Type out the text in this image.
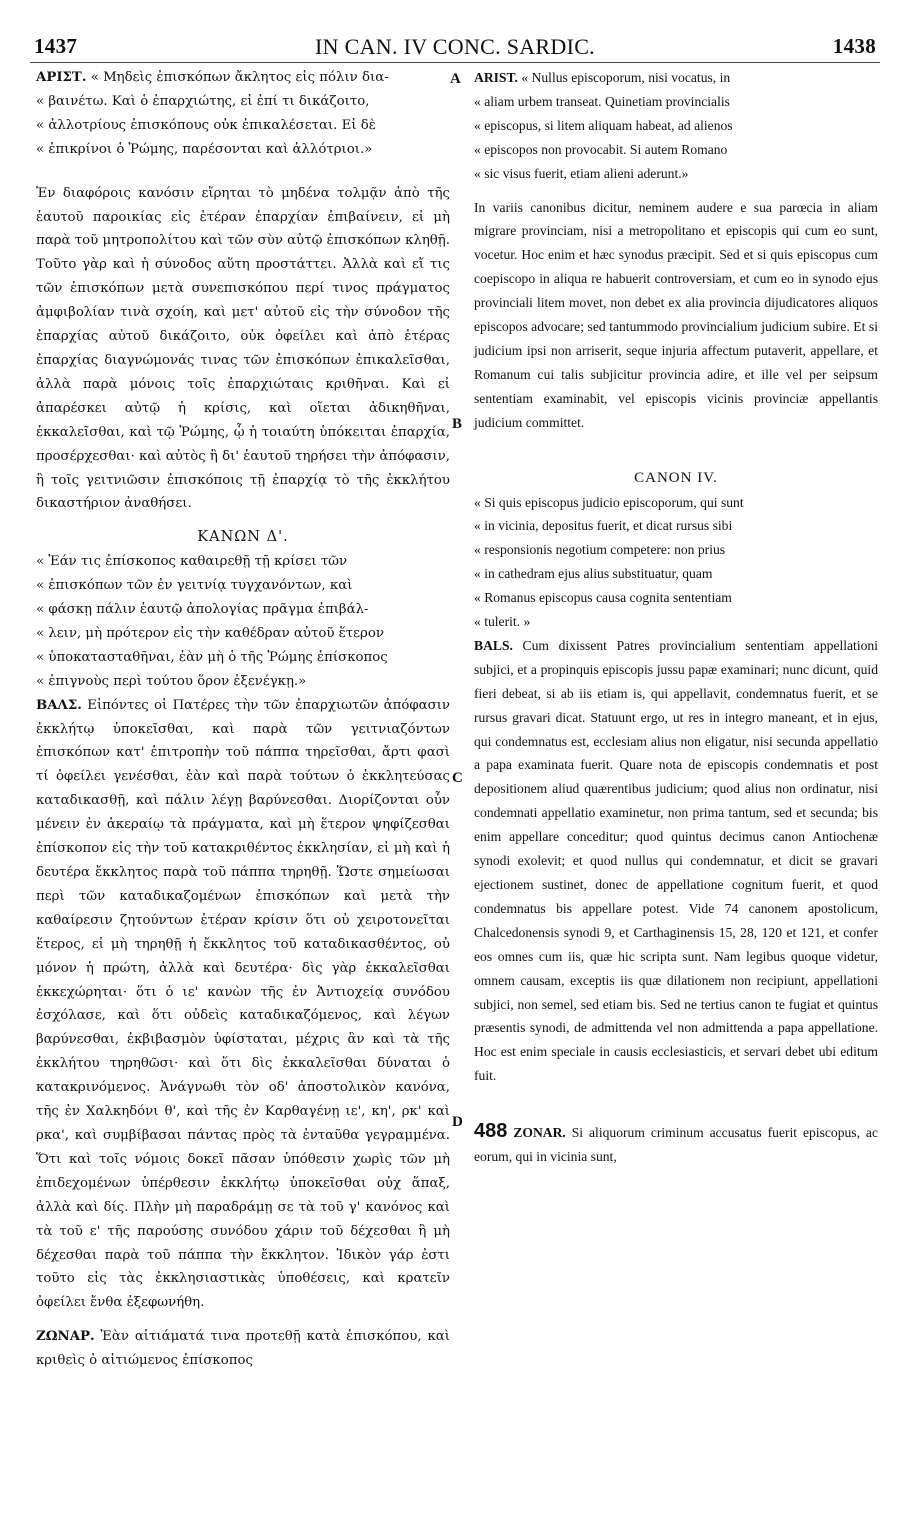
1437	IN CAN. IV CONC. SARDIC.	1438
A
B
C
D

ΑΡΙΣΤ. « Μηδεὶς ἐπισκόπων ἄκλητος εἰς πόλιν δια-
« βαινέτω. Καὶ ὁ ἐπαρχιώτης, εἰ ἐπί τι δικάζοιτο,
« ἀλλοτρίους ἐπισκόπους οὐκ ἐπικαλέσεται. Εἰ δὲ
« ἐπικρίνοι ὁ Ῥώμης, παρέσονται καὶ ἀλλότριοι.»

Ἐν διαφόροις κανόσιν εἴρηται τὸ μηδένα τολμᾷν ἀπὸ τῆς ἑαυτοῦ παροικίας εἰς ἑτέραν ἐπαρχίαν ἐπιβαίνειν, εἰ μὴ παρὰ τοῦ μητροπολίτου καὶ τῶν σὺν αὐτῷ ἐπισκόπων κληθῇ. Τοῦτο γὰρ καὶ ἡ σύνοδος αὕτη προστάττει. Ἀλλὰ καὶ εἴ τις τῶν ἐπισκόπων μετὰ συνεπισκόπου περί τινος πράγματος ἀμφιβολίαν τινὰ σχοίη, καὶ μετ' αὐτοῦ εἰς τὴν σύνοδον τῆς ἐπαρχίας αὐτοῦ δικάζοιτο, οὐκ ὀφείλει καὶ ἀπὸ ἑτέρας ἐπαρχίας διαγνώμονάς τινας τῶν ἐπισκόπων ἐπικαλεῖσθαι, ἀλλὰ παρὰ μόνοις τοῖς ἐπαρχιώταις κριθῆναι. Καὶ εἰ ἀπαρέσκει αὐτῷ ἡ κρίσις, καὶ οἴεται ἀδικηθῆναι, ἐκκαλεῖσθαι, καὶ τῷ Ῥώμης, ᾧ ἡ τοιαύτη ὑπόκειται ἐπαρχία, προσέρχεσθαι· καὶ αὐτὸς ἢ δι' ἑαυτοῦ τηρήσει τὴν ἀπόφασιν, ἢ τοῖς γειτνιῶσιν ἐπισκόποις τῇ ἐπαρχίᾳ τὸ τῆς ἐκκλήτου δικαστήριον ἀναθήσει.

ΚΑΝΩΝ Δ'.

« Ἐάν τις ἐπίσκοπος καθαιρεθῇ τῇ κρίσει τῶν
« ἐπισκόπων τῶν ἐν γειτνίᾳ τυγχανόντων, καὶ
« φάσκῃ πάλιν ἑαυτῷ ἀπολογίας πρᾶγμα ἐπιβάλ-
« λειν, μὴ πρότερον εἰς τὴν καθέδραν αὐτοῦ ἕτερον
« ὑποκατασταθῆναι, ἐὰν μὴ ὁ τῆς Ῥώμης ἐπίσκοπος
« ἐπιγνοὺς περὶ τούτου ὅρον ἐξενέγκῃ.»

ΒΑΛΣ. Εἰπόντες οἱ Πατέρες τὴν τῶν ἐπαρχιωτῶν ἀπόφασιν ἐκκλήτῳ ὑποκεῖσθαι, καὶ παρὰ τῶν γειτνιαζόντων ἐπισκόπων κατ' ἐπιτροπὴν τοῦ πάππα τηρεῖσθαι, ἄρτι φασὶ τί ὀφείλει γενέσθαι, ἐὰν καὶ παρὰ τούτων ὁ ἐκκλητεύσας καταδικασθῇ, καὶ πάλιν λέγῃ βαρύνεσθαι. Διορίζονται οὖν μένειν ἐν ἀκεραίῳ τὰ πράγματα, καὶ μὴ ἕτερον ψηφίζεσθαι ἐπίσκοπον εἰς τὴν τοῦ κατακριθέντος ἐκκλησίαν, εἰ μὴ καὶ ἡ δευτέρα ἔκκλητος παρὰ τοῦ πάππα τηρηθῇ. Ὥστε σημείωσαι περὶ τῶν καταδικαζομένων ἐπισκόπων καὶ μετὰ τὴν καθαίρεσιν ζητούντων ἑτέραν κρίσιν ὅτι οὐ χειροτονεῖται ἕτερος, εἰ μὴ τηρηθῇ ἡ ἔκκλητος τοῦ καταδικασθέντος, οὐ μόνον ἡ πρώτη, ἀλλὰ καὶ δευτέρα· δὶς γὰρ ἐκκαλεῖσθαι ἐκκεχώρηται· ὅτι ὁ ιε' κανὼν τῆς ἐν Ἀντιοχείᾳ συνόδου ἐσχόλασε, καὶ ὅτι οὐδεὶς καταδικαζόμενος, καὶ λέγων βαρύνεσθαι, ἐκβιβασμὸν ὑφίσταται, μέχρις ἂν καὶ τὰ τῆς ἐκκλήτου τηρηθῶσι· καὶ ὅτι δὶς ἐκκαλεῖσθαι δύναται ὁ κατακρινόμενος. Ἀνάγνωθι τὸν οδ' ἀποστολικὸν κανόνα, τῆς ἐν Χαλκηδόνι θ', καὶ τῆς ἐν Καρθαγένῃ ιε', κη', ρκ' καὶ ρκα', καὶ συμβίβασαι πάντας πρὸς τὰ ἐνταῦθα γεγραμμένα. Ὅτι καὶ τοῖς νόμοις δοκεῖ πᾶσαν ὑπόθεσιν χωρὶς τῶν μὴ ἐπιδεχομένων ὑπέρθεσιν ἐκκλήτῳ ὑποκεῖσθαι οὐχ ἅπαξ, ἀλλὰ καὶ δίς. Πλὴν μὴ παραδράμῃ σε τὰ τοῦ γ' κανόνος καὶ τὰ τοῦ ε' τῆς παρούσης συνόδου χάριν τοῦ δέχεσθαι ἢ μὴ δέχεσθαι παρὰ τοῦ πάππα τὴν ἔκκλητον. Ἰδικὸν γάρ ἐστι τοῦτο εἰς τὰς ἐκκλησιαστικὰς ὑποθέσεις, καὶ κρατεῖν ὀφείλει ἔνθα ἐξεφωνήθη.

ΖΩΝΑΡ. Ἐὰν αἰτιάματά τινα προτεθῇ κατὰ ἐπισκόπου, καὶ κριθεὶς ὁ αἰτιώμενος ἐπίσκοπος

ARIST. « Nullus episcoporum, nisi vocatus, in
« aliam urbem transeat. Quinetiam provincialis
« episcopus, si litem aliquam habeat, ad alienos
« episcopos non provocabit. Si autem Romano
« sic visus fuerit, etiam alieni aderunt.»

In variis canonibus dicitur, neminem audere e sua parœcia in aliam migrare provinciam, nisi a metropolitano et episcopis qui cum eo sunt, vocetur. Hoc enim et hæc synodus præcipit. Sed et si quis episcopus cum coepiscopo in aliqua re habuerit controversiam, et cum eo in synodo ejus provinciali litem movet, non debet ex alia provincia dijudicatores aliquos episcopos advocare; sed tantummodo provincialium judicium subire. Et si judicium ipsi non arriserit, seque injuria affectum putaverit, appellare, et Romanum cui talis subjicitur provincia adire, et ille vel per seipsum sententiam examinabit, vel episcopis vicinis provinciæ appellantis judicium committet.

CANON IV.

« Si quis episcopus judicio episcoporum, qui sunt
« in vicinia, depositus fuerit, et dicat rursus sibi
« responsionis negotium competere: non prius
« in cathedram ejus alius substituatur, quam
« Romanus episcopus causa cognita sententiam
« tulerit. »

BALS. Cum dixissent Patres provincialium sententiam appellationi subjici, et a propinquis episcopis jussu papæ examinari; nunc dicunt, quid fieri debeat, si ab iis etiam is, qui appellavit, condemnatus fuerit, et se rursus gravari dicat. Statuunt ergo, ut res in integro maneant, et in ejus, qui condemnatus est, ecclesiam alius non eligatur, nisi secunda appellatio a papa examinata fuerit. Quare nota de episcopis condemnatis et post depositionem aliud quærentibus judicium; quod alius non ordinatur, nisi condemnati appellatio examinetur, non prima tantum, sed et secunda; bis enim appellare conceditur; quod quintus decimus canon Antiochenæ synodi exolevit; et quod nullus qui condemnatur, et dicit se gravari ejectionem sustinet, donec de appellatione cognitum fuerit, et quod condemnatus bis appellare potest. Vide 74 canonem apostolicum, Chalcedonensis synodi 9, et Carthaginensis 15, 28, 120 et 121, et confer eos omnes cum iis, quæ hic scripta sunt. Nam legibus quoque videtur, omnem causam, exceptis iis quæ dilationem non recipiunt, appellationi subjici, non semel, sed etiam bis. Sed ne tertius canon te fugiat et quintus præsentis synodi, de admittenda vel non admittenda a papa appellatione. Hoc est enim speciale in causis ecclesiasticis, et servari debet ubi editum fuit.

488 ZONAR. Si aliquorum criminum accusatus fuerit episcopus, ac eorum, qui in vicinia sunt,
